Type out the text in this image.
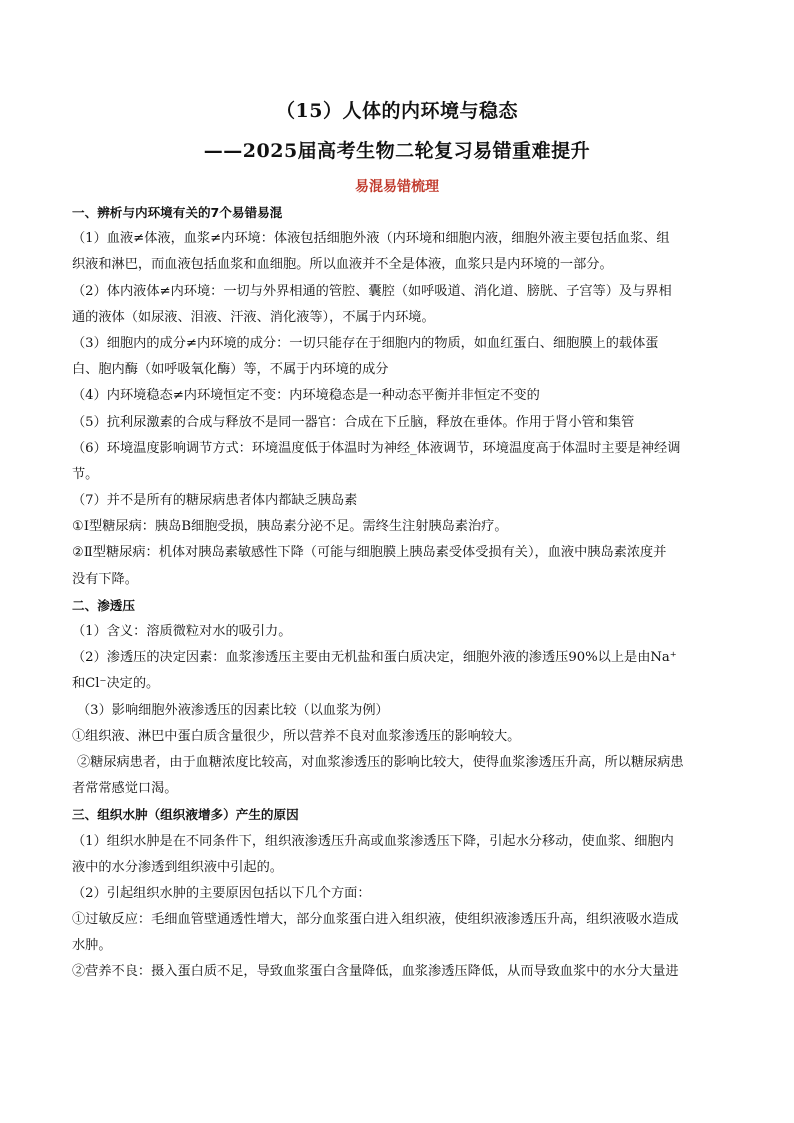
（15）人体的内环境与稳态
——2025届高考生物二轮复习易错重难提升
易混易错梳理
一、辨析与内环境有关的7个易错易混
（1）血液≠体液，血浆≠内环境：体液包括细胞外液（内环境和细胞内液，细胞外液主要包括血浆、组
织液和淋巴，而血液包括血浆和血细胞。所以血液并不全是体液，血浆只是内环境的一部分。
（2）体内液体≠内环境：一切与外界相通的管腔、囊腔（如呼吸道、消化道、膀胱、子宫等）及与界相
通的液体（如尿液、泪液、汗液、消化液等），不属于内环境。
（3）细胞内的成分≠内环境的成分：一切只能存在于细胞内的物质，如血红蛋白、细胞膜上的载体蛋
白、胞内酶（如呼吸氧化酶）等，不属于内环境的成分
（4）内环境稳态≠内环境恒定不变：内环境稳态是一种动态平衡并非恒定不变的
（5）抗利尿激素的合成与释放不是同一器官：合成在下丘脑，释放在垂体。作用于肾小管和集管
（6）环境温度影响调节方式：环境温度低于体温时为神经_体液调节，环境温度高于体温时主要是神经调
节。
（7）并不是所有的糖尿病患者体内都缺乏胰岛素
①Ⅰ型糖尿病：胰岛B细胞受损，胰岛素分泌不足。需终生注射胰岛素治疗。
②Ⅱ型糖尿病：机体对胰岛素敏感性下降（可能与细胞膜上胰岛素受体受损有关），血液中胰岛素浓度并
没有下降。
二、渗透压
（1）含义：溶质微粒对水的吸引力。
（2）渗透压的决定因素：血浆渗透压主要由无机盐和蛋白质决定，细胞外液的渗透压90%以上是由Na⁺
和Cl⁻决定的。
（3）影响细胞外液渗透压的因素比较（以血浆为例）
①组织液、淋巴中蛋白质含量很少，所以营养不良对血浆渗透压的影响较大。
②糖尿病患者，由于血糖浓度比较高，对血浆渗透压的影响比较大，使得血浆渗透压升高，所以糖尿病患
者常常感觉口渴。
三、组织水肿（组织液增多）产生的原因
（1）组织水肿是在不同条件下，组织液渗透压升高或血浆渗透压下降，引起水分移动，使血浆、细胞内
液中的水分渗透到组织液中引起的。
（2）引起组织水肿的主要原因包括以下几个方面：
①过敏反应：毛细血管壁通透性增大，部分血浆蛋白进入组织液，使组织液渗透压升高，组织液吸水造成
水肿。
②营养不良：摄入蛋白质不足，导致血浆蛋白含量降低，血浆渗透压降低，从而导致血浆中的水分大量进
